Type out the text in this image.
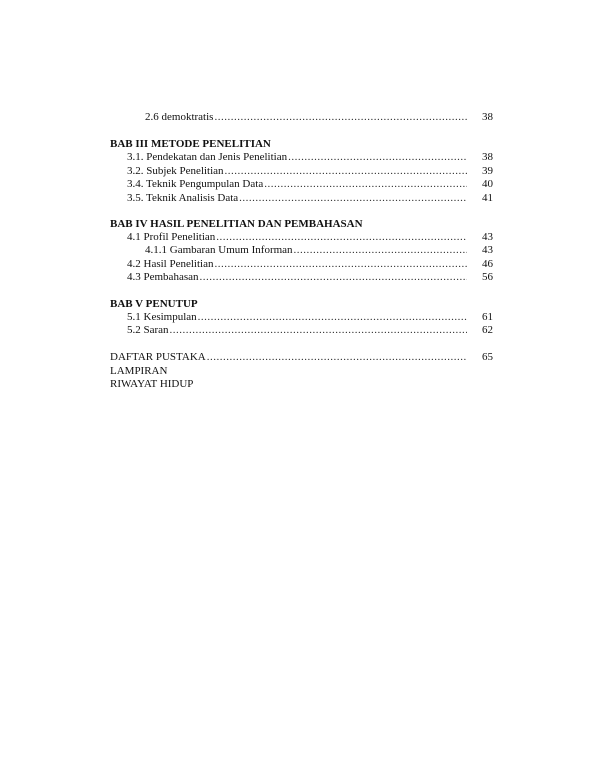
2.6 demoktratis .....	38
BAB III METODE PENELITIAN
3.1. Pendekatan dan Jenis Penelitian .....	38
3.2. Subjek Penelitian .....	39
3.4. Teknik Pengumpulan Data .....	40
3.5. Teknik Analisis Data .....	41
BAB IV HASIL PENELITIAN DAN PEMBAHASAN
4.1 Profil Penelitian .....	43
4.1.1 Gambaran Umum Informan .....	43
4.2 Hasil Penelitian .....	46
4.3 Pembahasan .....	56
BAB V PENUTUP
5.1 Kesimpulan .....	61
5.2 Saran .....	62
DAFTAR PUSTAKA .....	65
LAMPIRAN
RIWAYAT HIDUP
